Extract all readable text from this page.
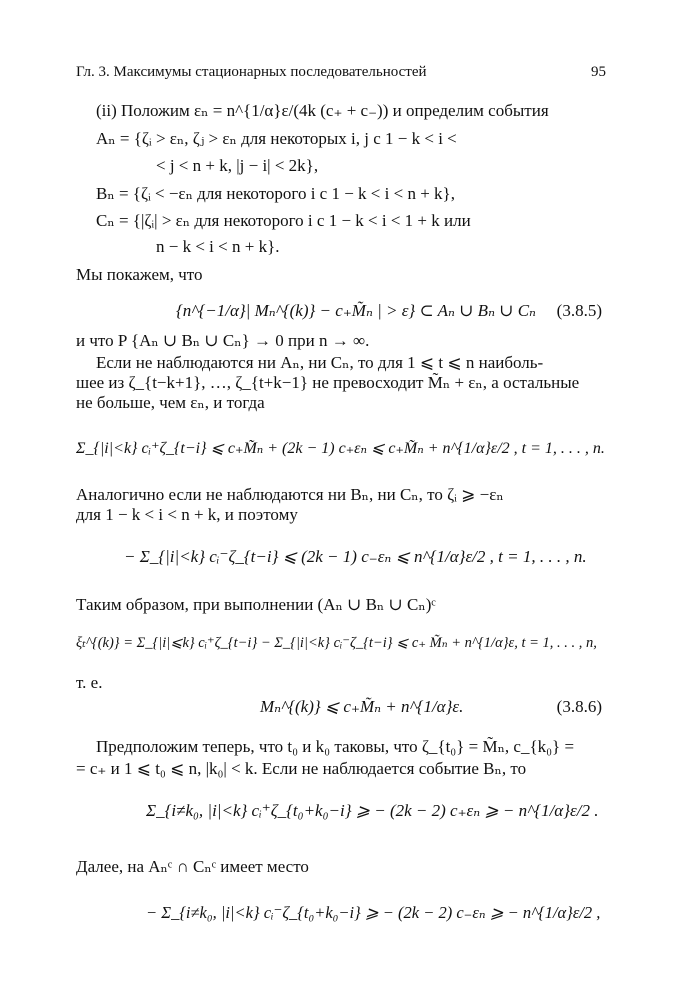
Гл. 3. Максимумы стационарных последовательностей	95
(ii) Положим εₙ = n^{1/α}ε/(4k (c₊ + c₋)) и определим события
Aₙ = {ζᵢ > εₙ, ζⱼ > εₙ для некоторых i, j с 1 − k < i <
< j < n + k, |j − i| < 2k},
Bₙ = {ζᵢ < −εₙ для некоторого i с 1 − k < i < n + k},
Cₙ = {|ζᵢ| > εₙ для некоторого i с 1 − k < i < 1 + k или
n − k < i < n + k}.
Мы покажем, что
{n^{−1/α}| Mₙ^{(k)} − c₊M̃ₙ | > ε} ⊂ Aₙ ∪ Bₙ ∪ Cₙ (3.8.5)
и что P {Aₙ ∪ Bₙ ∪ Cₙ} → 0 при n → ∞.
Если не наблюдаются ни Aₙ, ни Cₙ, то для 1 ⩽ t ⩽ n наиболь-
шее из ζ_{t−k+1}, …, ζ_{t+k−1} не превосходит M̃ₙ + εₙ, а остальные
не больше, чем εₙ, и тогда
Σ_{|i|<k} cᵢ⁺ζ_{t−i} ⩽ c₊M̃ₙ + (2k − 1) c₊εₙ ⩽ c₊M̃ₙ + n^{1/α}ε/2 , t = 1, . . . , n.
Аналогично если не наблюдаются ни Bₙ, ни Cₙ, то ζᵢ ⩾ −εₙ
для 1 − k < i < n + k, и поэтому
− Σ_{|i|<k} cᵢ⁻ζ_{t−i} ⩽ (2k − 1) c₋εₙ ⩽ n^{1/α}ε/2 , t = 1, . . . , n.
Таким образом, при выполнении (Aₙ ∪ Bₙ ∪ Cₙ)ᶜ
ξₜ^{(k)} = Σ_{|i|⩽k} cᵢ⁺ζ_{t−i} − Σ_{|i|<k} cᵢ⁻ζ_{t−i} ⩽ c₊ M̃ₙ + n^{1/α}ε, t = 1, . . . , n,
т. е.
Mₙ^{(k)} ⩽ c₊M̃ₙ + n^{1/α}ε.	(3.8.6)
Предположим теперь, что t₀ и k₀ таковы, что ζ_{t₀} = M̃ₙ, c_{k₀} =
= c₊ и 1 ⩽ t₀ ⩽ n, |k₀| < k. Если не наблюдается событие Bₙ, то
Σ_{i≠k₀, |i|<k} cᵢ⁺ζ_{t₀+k₀−i} ⩾ − (2k − 2) c₊εₙ ⩾ − n^{1/α}ε/2 .
Далее, на Aₙᶜ ∩ Cₙᶜ имеет место
− Σ_{i≠k₀, |i|<k} cᵢ⁻ζ_{t₀+k₀−i} ⩾ − (2k − 2) c₋εₙ ⩾ − n^{1/α}ε/2 ,
